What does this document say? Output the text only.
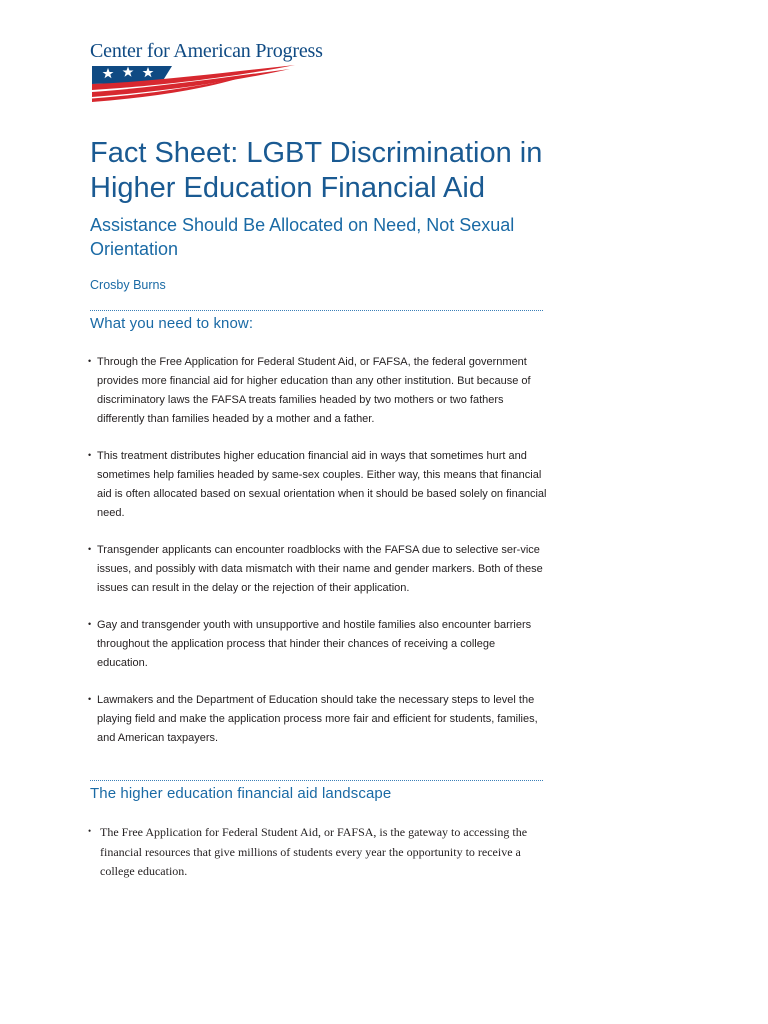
Center for American Progress
Fact Sheet: LGBT Discrimination in Higher Education Financial Aid
Assistance Should Be Allocated on Need, Not Sexual Orientation
Crosby Burns
What you need to know:
• Through the Free Application for Federal Student Aid, or FAFSA, the federal government provides more financial aid for higher education than any other institution. But because of discriminatory laws the FAFSA treats families headed by two mothers or two fathers differently than families headed by a mother and a father.
• This treatment distributes higher education financial aid in ways that sometimes hurt and sometimes help families headed by same-sex couples. Either way, this means that financial aid is often allocated based on sexual orientation when it should be based solely on financial need.
• Transgender applicants can encounter roadblocks with the FAFSA due to selective ser-vice issues, and possibly with data mismatch with their name and gender markers. Both of these issues can result in the delay or the rejection of their application.
• Gay and transgender youth with unsupportive and hostile families also encounter barriers throughout the application process that hinder their chances of receiving a college education.
• Lawmakers and the Department of Education should take the necessary steps to level the playing field and make the application process more fair and efficient for students, families, and American taxpayers.
The higher education financial aid landscape
• The Free Application for Federal Student Aid, or FAFSA, is the gateway to accessing the financial resources that give millions of students every year the opportunity to receive a college education.
